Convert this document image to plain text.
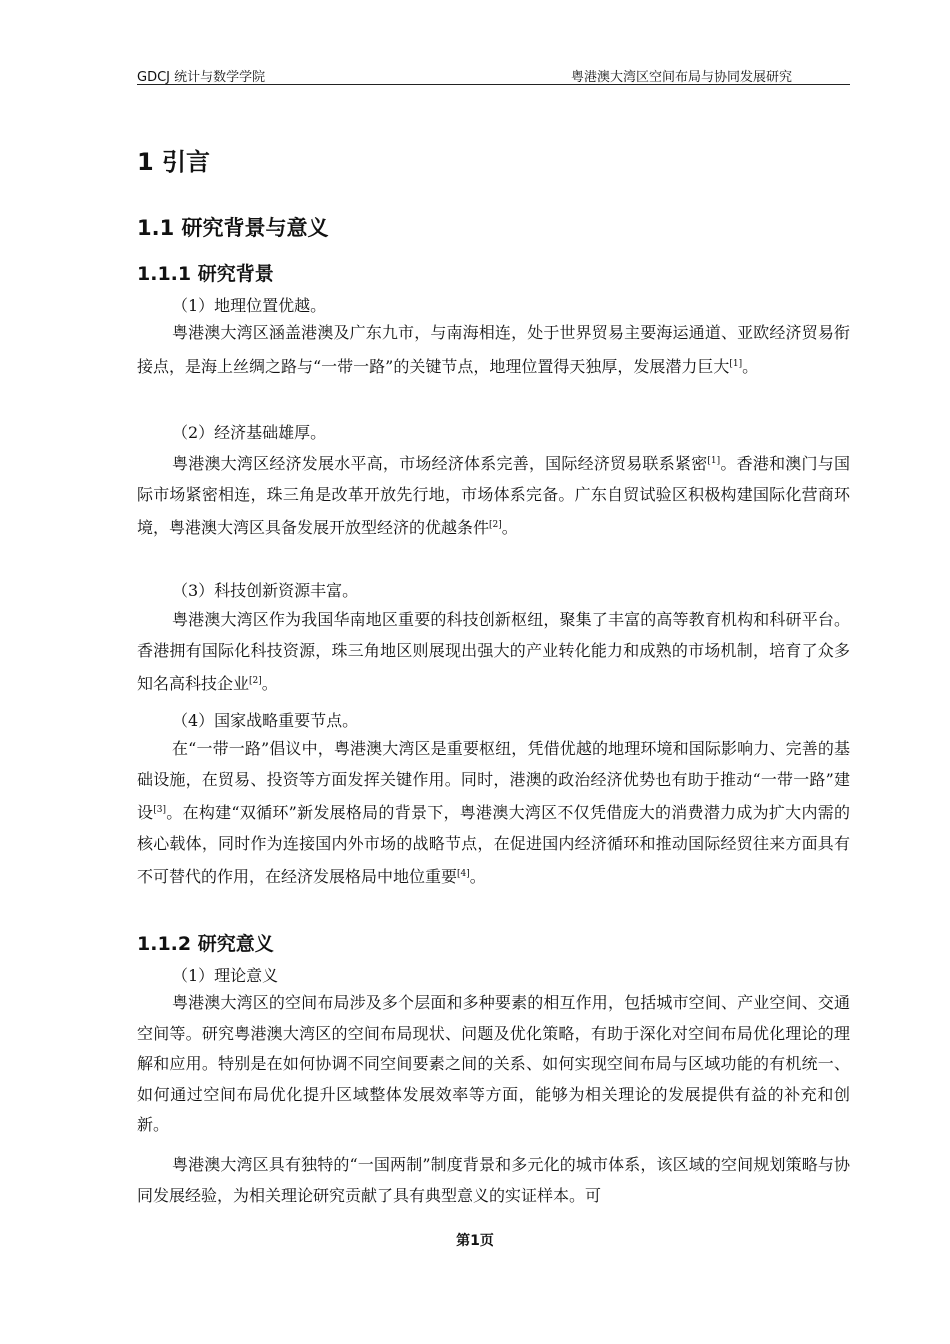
GDCJ 统计与数学学院	粤港澳大湾区空间布局与协同发展研究
1 引言
1.1 研究背景与意义
1.1.1 研究背景

（1）地理位置优越。

粤港澳大湾区涵盖港澳及广东九市，与南海相连，处于世界贸易主要海运通道、亚欧经济贸易衔接点，是海上丝绸之路与“一带一路”的关键节点，地理位置得天独厚，发展潜力巨大[1]。

（2）经济基础雄厚。

粤港澳大湾区经济发展水平高，市场经济体系完善，国际经济贸易联系紧密[1]。香港和澳门与国际市场紧密相连，珠三角是改革开放先行地，市场体系完备。广东自贸试验区积极构建国际化营商环境，粤港澳大湾区具备发展开放型经济的优越条件[2]。

（3）科技创新资源丰富。

粤港澳大湾区作为我国华南地区重要的科技创新枢纽，聚集了丰富的高等教育机构和科研平台。香港拥有国际化科技资源，珠三角地区则展现出强大的产业转化能力和成熟的市场机制，培育了众多知名高科技企业[2]。

（4）国家战略重要节点。

在“一带一路”倡议中，粤港澳大湾区是重要枢纽，凭借优越的地理环境和国际影响力、完善的基础设施，在贸易、投资等方面发挥关键作用。同时，港澳的政治经济优势也有助于推动“一带一路”建设[3]。在构建“双循环”新发展格局的背景下，粤港澳大湾区不仅凭借庞大的消费潜力成为扩大内需的核心载体，同时作为连接国内外市场的战略节点，在促进国内经济循环和推动国际经贸往来方面具有不可替代的作用，在经济发展格局中地位重要[4]。

1.1.2 研究意义

（1）理论意义

粤港澳大湾区的空间布局涉及多个层面和多种要素的相互作用，包括城市空间、产业空间、交通空间等。研究粤港澳大湾区的空间布局现状、问题及优化策略，有助于深化对空间布局优化理论的理解和应用。特别是在如何协调不同空间要素之间的关系、如何实现空间布局与区域功能的有机统一、如何通过空间布局优化提升区域整体发展效率等方面，能够为相关理论的发展提供有益的补充和创新。

粤港澳大湾区具有独特的“一国两制”制度背景和多元化的城市体系，该区域的空间规划策略与协同发展经验，为相关理论研究贡献了具有典型意义的实证样本。可

第1页
